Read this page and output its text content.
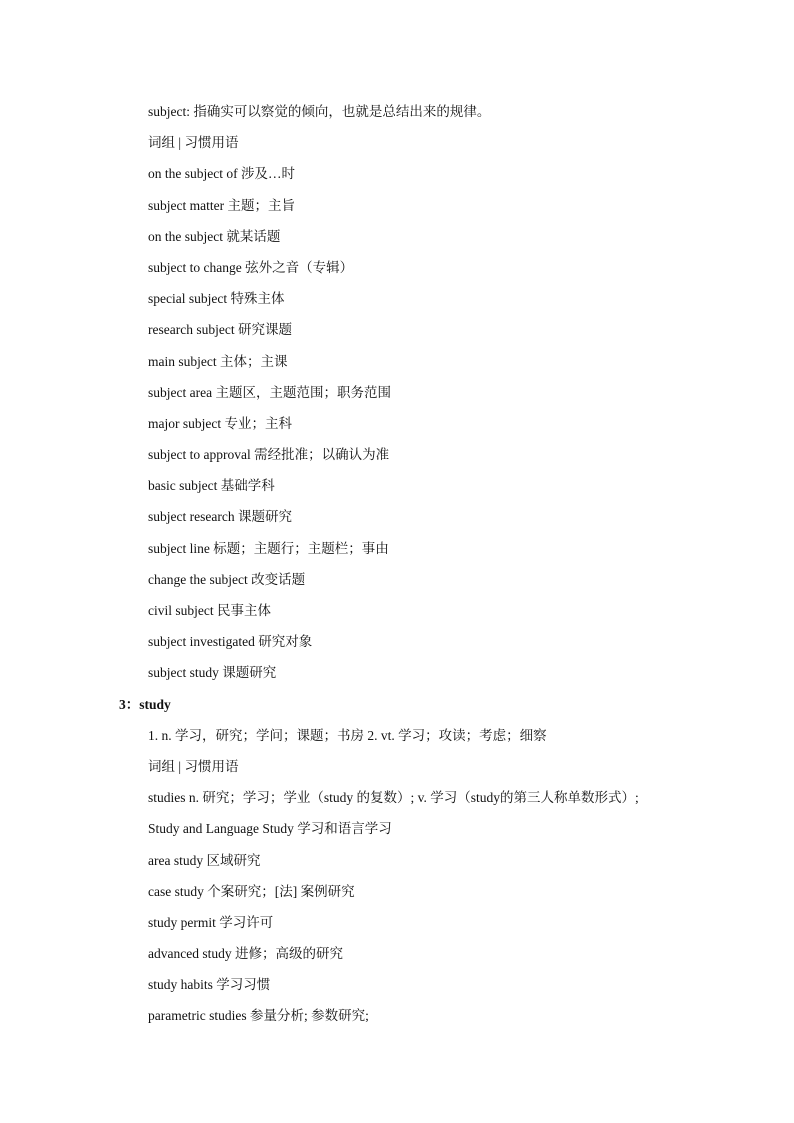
subject: 指确实可以察觉的倾向，也就是总结出来的规律。
词组 | 习惯用语
on the subject of 涉及…时
subject matter 主题；主旨
on the subject 就某话题
subject to change 弦外之音（专辑）
special subject 特殊主体
research subject 研究课题
main subject 主体；主课
subject area 主题区，主题范围；职务范围
major subject 专业；主科
subject to approval 需经批准；以确认为准
basic subject 基础学科
subject research 课题研究
subject line 标题；主题行；主题栏；事由
change the subject 改变话题
civil subject 民事主体
subject investigated 研究对象
subject study 课题研究
3：study
1. n. 学习，研究；学问；课题；书房 2. vt. 学习；攻读；考虑；细察
词组 | 习惯用语
studies n. 研究；学习；学业（study 的复数）; v. 学习（study的第三人称单数形式）;
Study and Language Study 学习和语言学习
area study 区域研究
case study 个案研究；[法] 案例研究
study permit 学习许可
advanced study 进修；高级的研究
study habits 学习习惯
parametric studies 参量分析; 参数研究;
